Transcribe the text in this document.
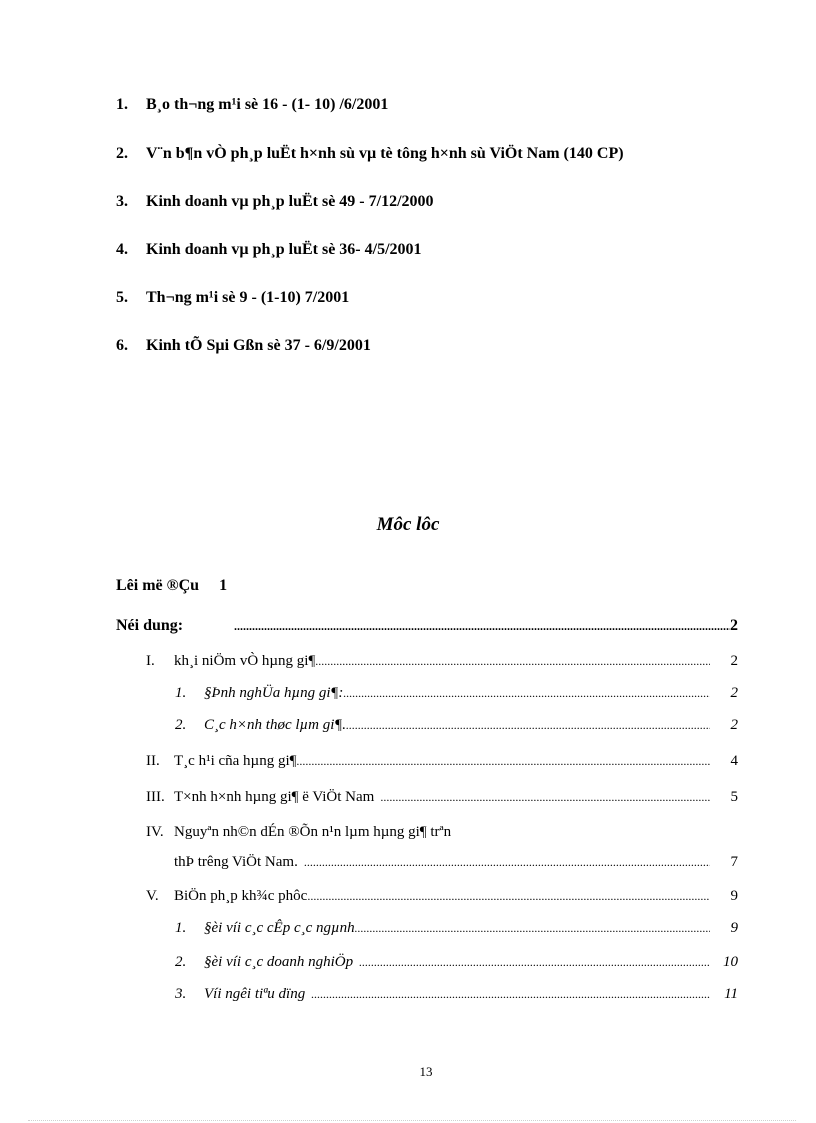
1. B¸o th¬ng m¹i sè 16 - (1- 10) /6/2001
2. V¨n b¶n vÒ ph¸p luËt h×nh sù vµ tè tông h×nh sù ViÖt Nam (140 CP)
3. Kinh doanh vµ ph¸p luËt sè 49 - 7/12/2000
4. Kinh doanh vµ ph¸p luËt sè 36- 4/5/2001
5. Th¬ng m¹i sè 9 - (1-10) 7/2001
6. Kinh tÕ Sµi Gßn sè 37 - 6/9/2001
Môc lôc
Lêi më ®Çu 1
Néi dung: .....	2
I.	kh¸i niÖm vÒ hµng gi¶ .....	2
1.	§Þnh nghÜa hµng gi¶: .....	2
2.	C¸c h×nh thøc lµm gi¶. .....	2
II. T¸c h¹i cña hµng gi¶ .....	4
III. T×nh h×nh hµng gi¶ ë ViÖt Nam .....	5
IV. Nguyªn nh©n dÉn ®Õn n¹n lµm hµng gi¶ trªn
thÞ trêng ViÖt Nam. .....	7
V.	BiÖn ph¸p kh¾c phôc .....	9
1.	§èi víi c¸c cÊp c¸c ngµnh .....	9
2.	§èi víi c¸c doanh nghiÖp .....	10
3.	Víi ngêi tiªu dïng .....	11
13
